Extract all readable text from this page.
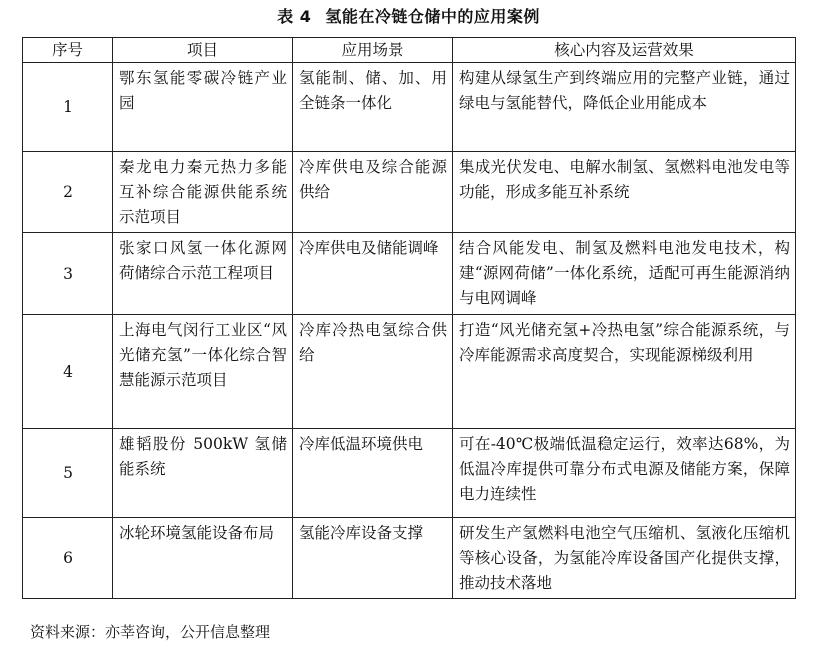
表 4 氢能在冷链仓储中的应用案例
序号	项目	应用场景	核心内容及运营效果
1	鄂东氢能零碳冷链产业园	氢能制、储、加、用全链条一体化	构建从绿氢生产到终端应用的完整产业链，通过绿电与氢能替代，降低企业用能成本
2	秦龙电力秦元热力多能互补综合能源供能系统示范项目	冷库供电及综合能源供给	集成光伏发电、电解水制氢、氢燃料电池发电等功能，形成多能互补系统
3	张家口风氢一体化源网荷储综合示范工程项目	冷库供电及储能调峰	结合风能发电、制氢及燃料电池发电技术，构建“源网荷储”一体化系统，适配可再生能源消纳与电网调峰
4	上海电气闵行工业区“风光储充氢”一体化综合智慧能源示范项目	冷库冷热电氢综合供给	打造“风光储充氢+冷热电氢”综合能源系统，与冷库能源需求高度契合，实现能源梯级利用
5	雄韬股份 500kW 氢储能系统	冷库低温环境供电	可在-40℃极端低温稳定运行，效率达68%，为低温冷库提供可靠分布式电源及储能方案，保障电力连续性
6	冰轮环境氢能设备布局	氢能冷库设备支撑	研发生产氢燃料电池空气压缩机、氢液化压缩机等核心设备，为氢能冷库设备国产化提供支撑，推动技术落地
资料来源：亦莘咨询，公开信息整理
